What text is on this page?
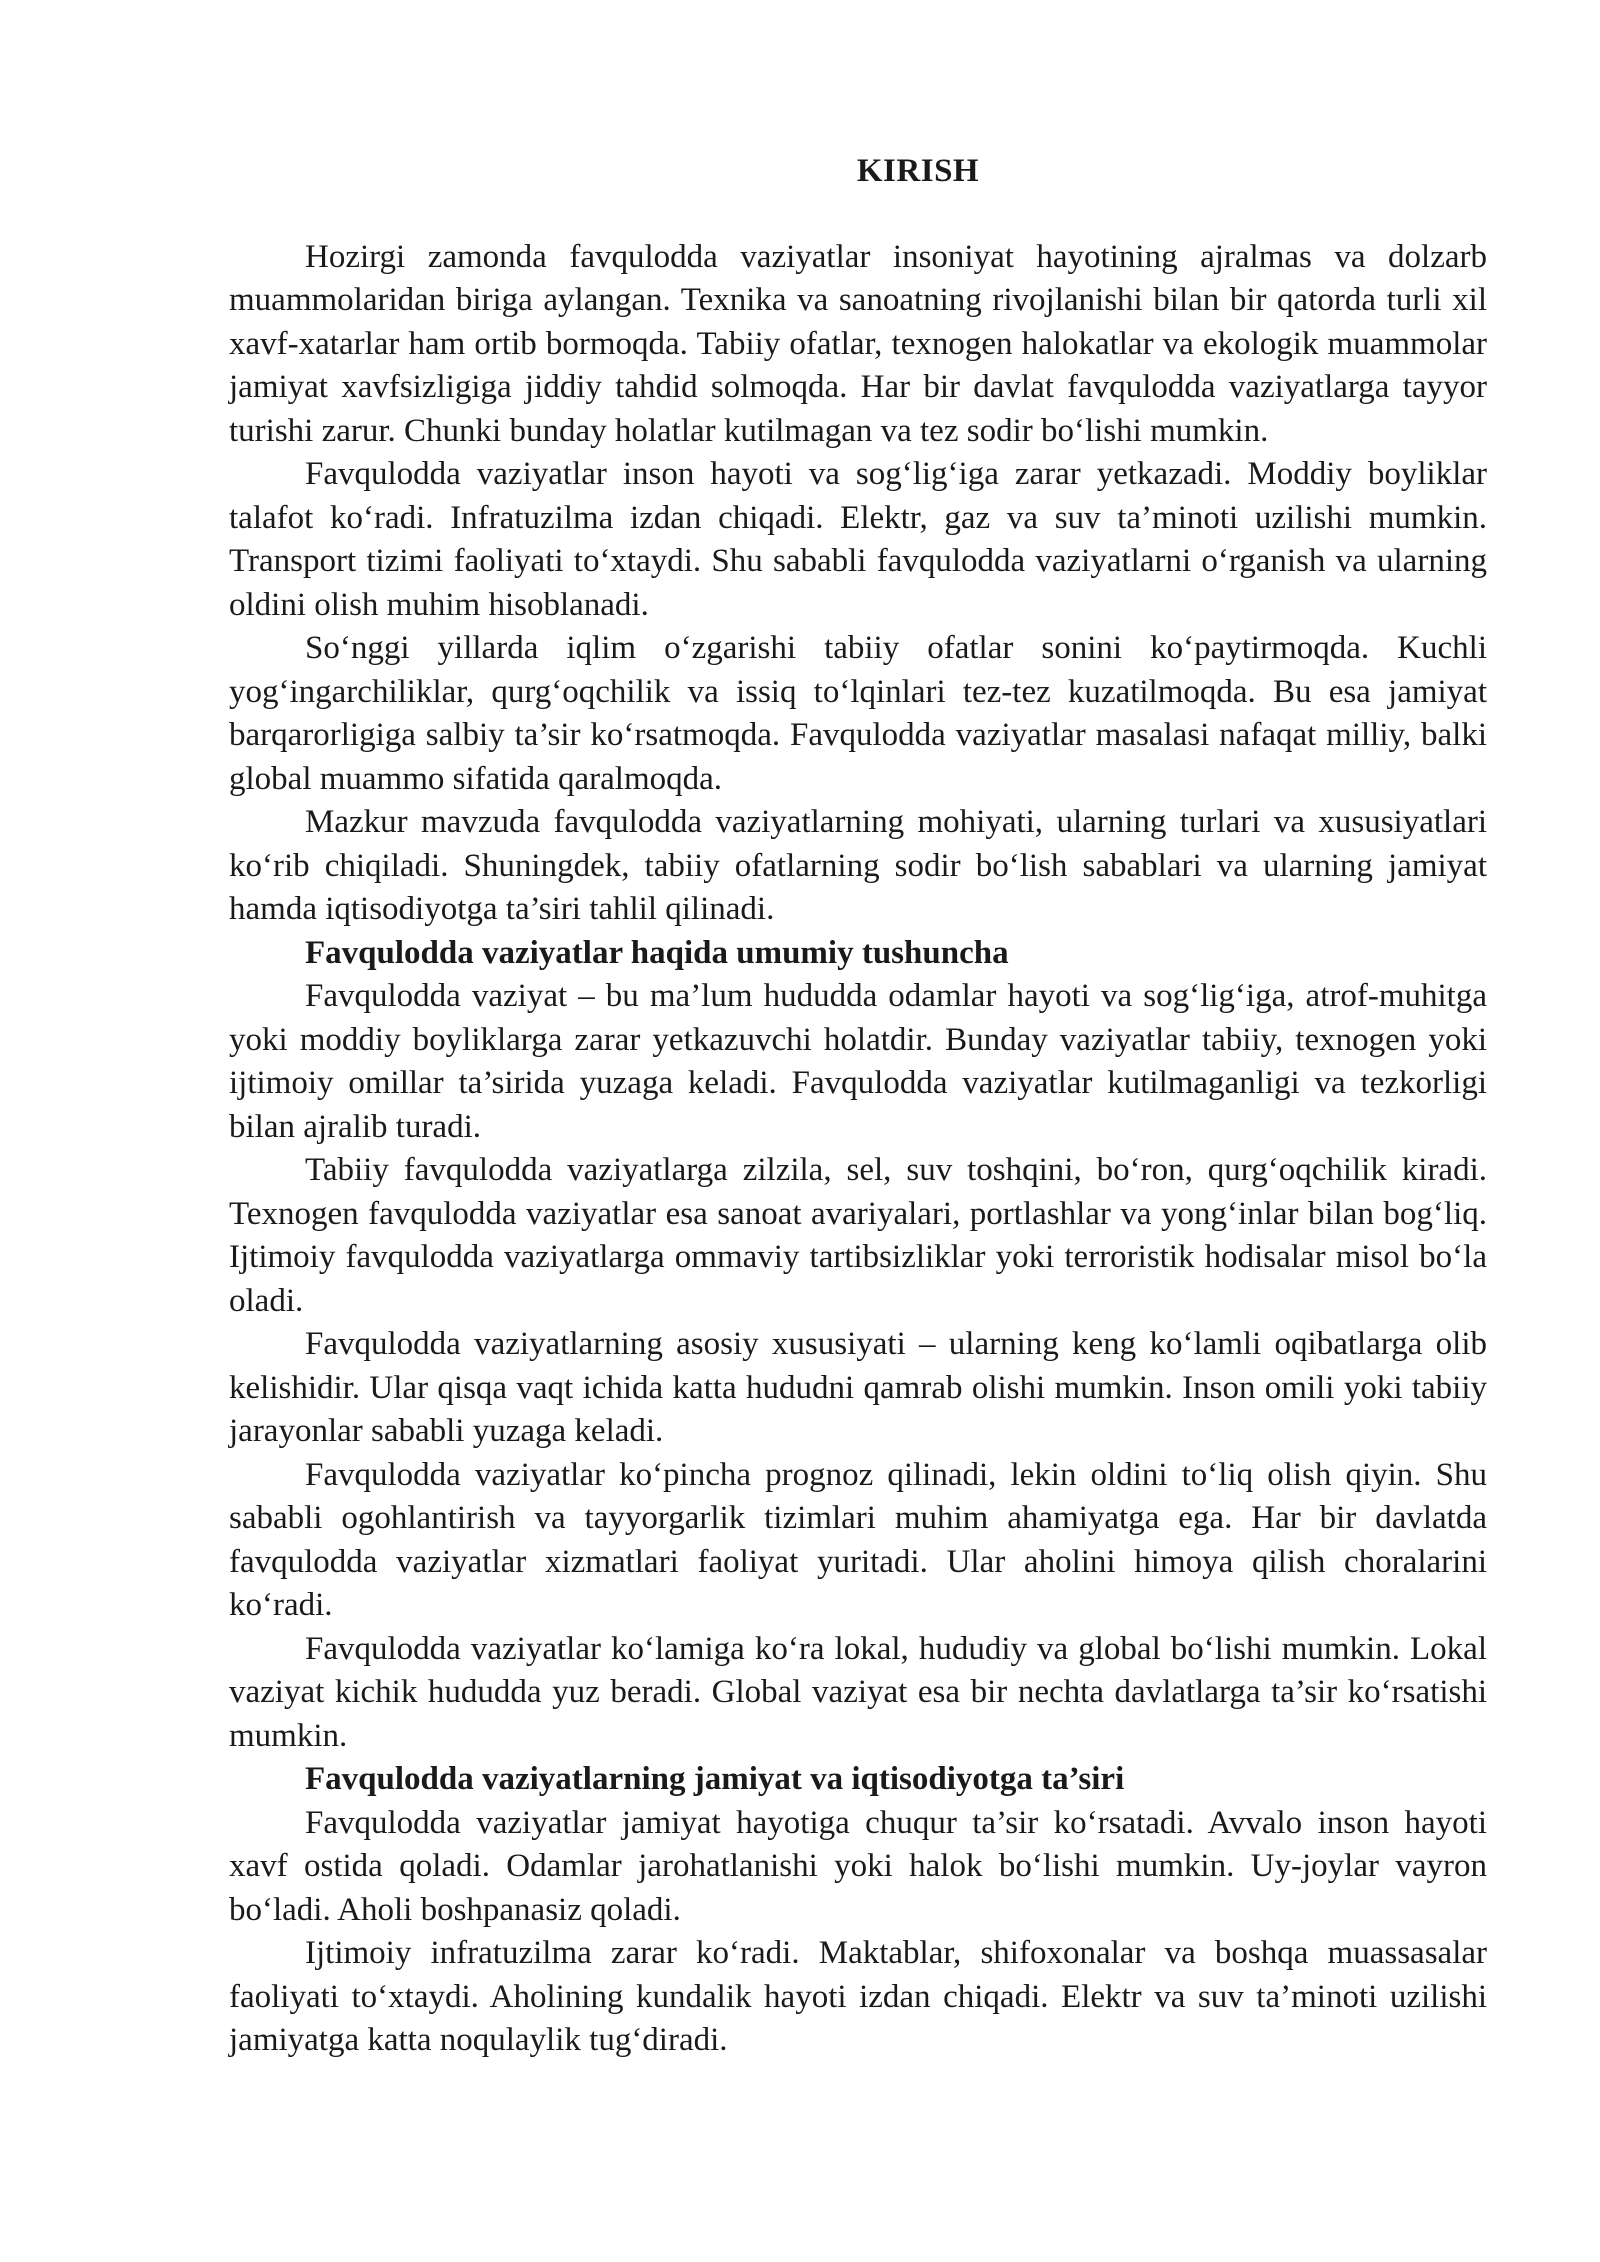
KIRISH

Hozirgi zamonda favqulodda vaziyatlar insoniyat hayotining ajralmas va dolzarb muammolaridan biriga aylangan. Texnika va sanoatning rivojlanishi bilan bir qatorda turli xil xavf-xatarlar ham ortib bormoqda. Tabiiy ofatlar, texnogen halokatlar va ekologik muammolar jamiyat xavfsizligiga jiddiy tahdid solmoqda. Har bir davlat favqulodda vaziyatlarga tayyor turishi zarur. Chunki bunday holatlar kutilmagan va tez sodir bo‘lishi mumkin.

Favqulodda vaziyatlar inson hayoti va sog‘lig‘iga zarar yetkazadi. Moddiy boyliklar talafot ko‘radi. Infratuzilma izdan chiqadi. Elektr, gaz va suv ta’minoti uzilishi mumkin. Transport tizimi faoliyati to‘xtaydi. Shu sababli favqulodda vaziyatlarni o‘rganish va ularning oldini olish muhim hisoblanadi.

So‘nggi yillarda iqlim o‘zgarishi tabiiy ofatlar sonini ko‘paytirmoqda. Kuchli yog‘ingarchiliklar, qurg‘oqchilik va issiq to‘lqinlari tez-tez kuzatilmoqda. Bu esa jamiyat barqarorligiga salbiy ta’sir ko‘rsatmoqda. Favqulodda vaziyatlar masalasi nafaqat milliy, balki global muammo sifatida qaralmoqda.

Mazkur mavzuda favqulodda vaziyatlarning mohiyati, ularning turlari va xususiyatlari ko‘rib chiqiladi. Shuningdek, tabiiy ofatlarning sodir bo‘lish sabablari va ularning jamiyat hamda iqtisodiyotga ta’siri tahlil qilinadi.

Favqulodda vaziyatlar haqida umumiy tushuncha

Favqulodda vaziyat – bu ma’lum hududda odamlar hayoti va sog‘lig‘iga, atrof-muhitga yoki moddiy boyliklarga zarar yetkazuvchi holatdir. Bunday vaziyatlar tabiiy, texnogen yoki ijtimoiy omillar ta’sirida yuzaga keladi. Favqulodda vaziyatlar kutilmaganligi va tezkorligi bilan ajralib turadi.

Tabiiy favqulodda vaziyatlarga zilzila, sel, suv toshqini, bo‘ron, qurg‘oqchilik kiradi. Texnogen favqulodda vaziyatlar esa sanoat avariyalari, portlashlar va yong‘inlar bilan bog‘liq. Ijtimoiy favqulodda vaziyatlarga ommaviy tartibsizliklar yoki terroristik hodisalar misol bo‘la oladi.

Favqulodda vaziyatlarning asosiy xususiyati – ularning keng ko‘lamli oqibatlarga olib kelishidir. Ular qisqa vaqt ichida katta hududni qamrab olishi mumkin. Inson omili yoki tabiiy jarayonlar sababli yuzaga keladi.

Favqulodda vaziyatlar ko‘pincha prognoz qilinadi, lekin oldini to‘liq olish qiyin. Shu sababli ogohlantirish va tayyorgarlik tizimlari muhim ahamiyatga ega. Har bir davlatda favqulodda vaziyatlar xizmatlari faoliyat yuritadi. Ular aholini himoya qilish choralarini ko‘radi.

Favqulodda vaziyatlar ko‘lamiga ko‘ra lokal, hududiy va global bo‘lishi mumkin. Lokal vaziyat kichik hududda yuz beradi. Global vaziyat esa bir nechta davlatlarga ta’sir ko‘rsatishi mumkin.

Favqulodda vaziyatlarning jamiyat va iqtisodiyotga ta’siri

Favqulodda vaziyatlar jamiyat hayotiga chuqur ta’sir ko‘rsatadi. Avvalo inson hayoti xavf ostida qoladi. Odamlar jarohatlanishi yoki halok bo‘lishi mumkin. Uy-joylar vayron bo‘ladi. Aholi boshpanasiz qoladi.

Ijtimoiy infratuzilma zarar ko‘radi. Maktablar, shifoxonalar va boshqa muassasalar faoliyati to‘xtaydi. Aholining kundalik hayoti izdan chiqadi. Elektr va suv ta’minoti uzilishi jamiyatga katta noqulaylik tug‘diradi.
